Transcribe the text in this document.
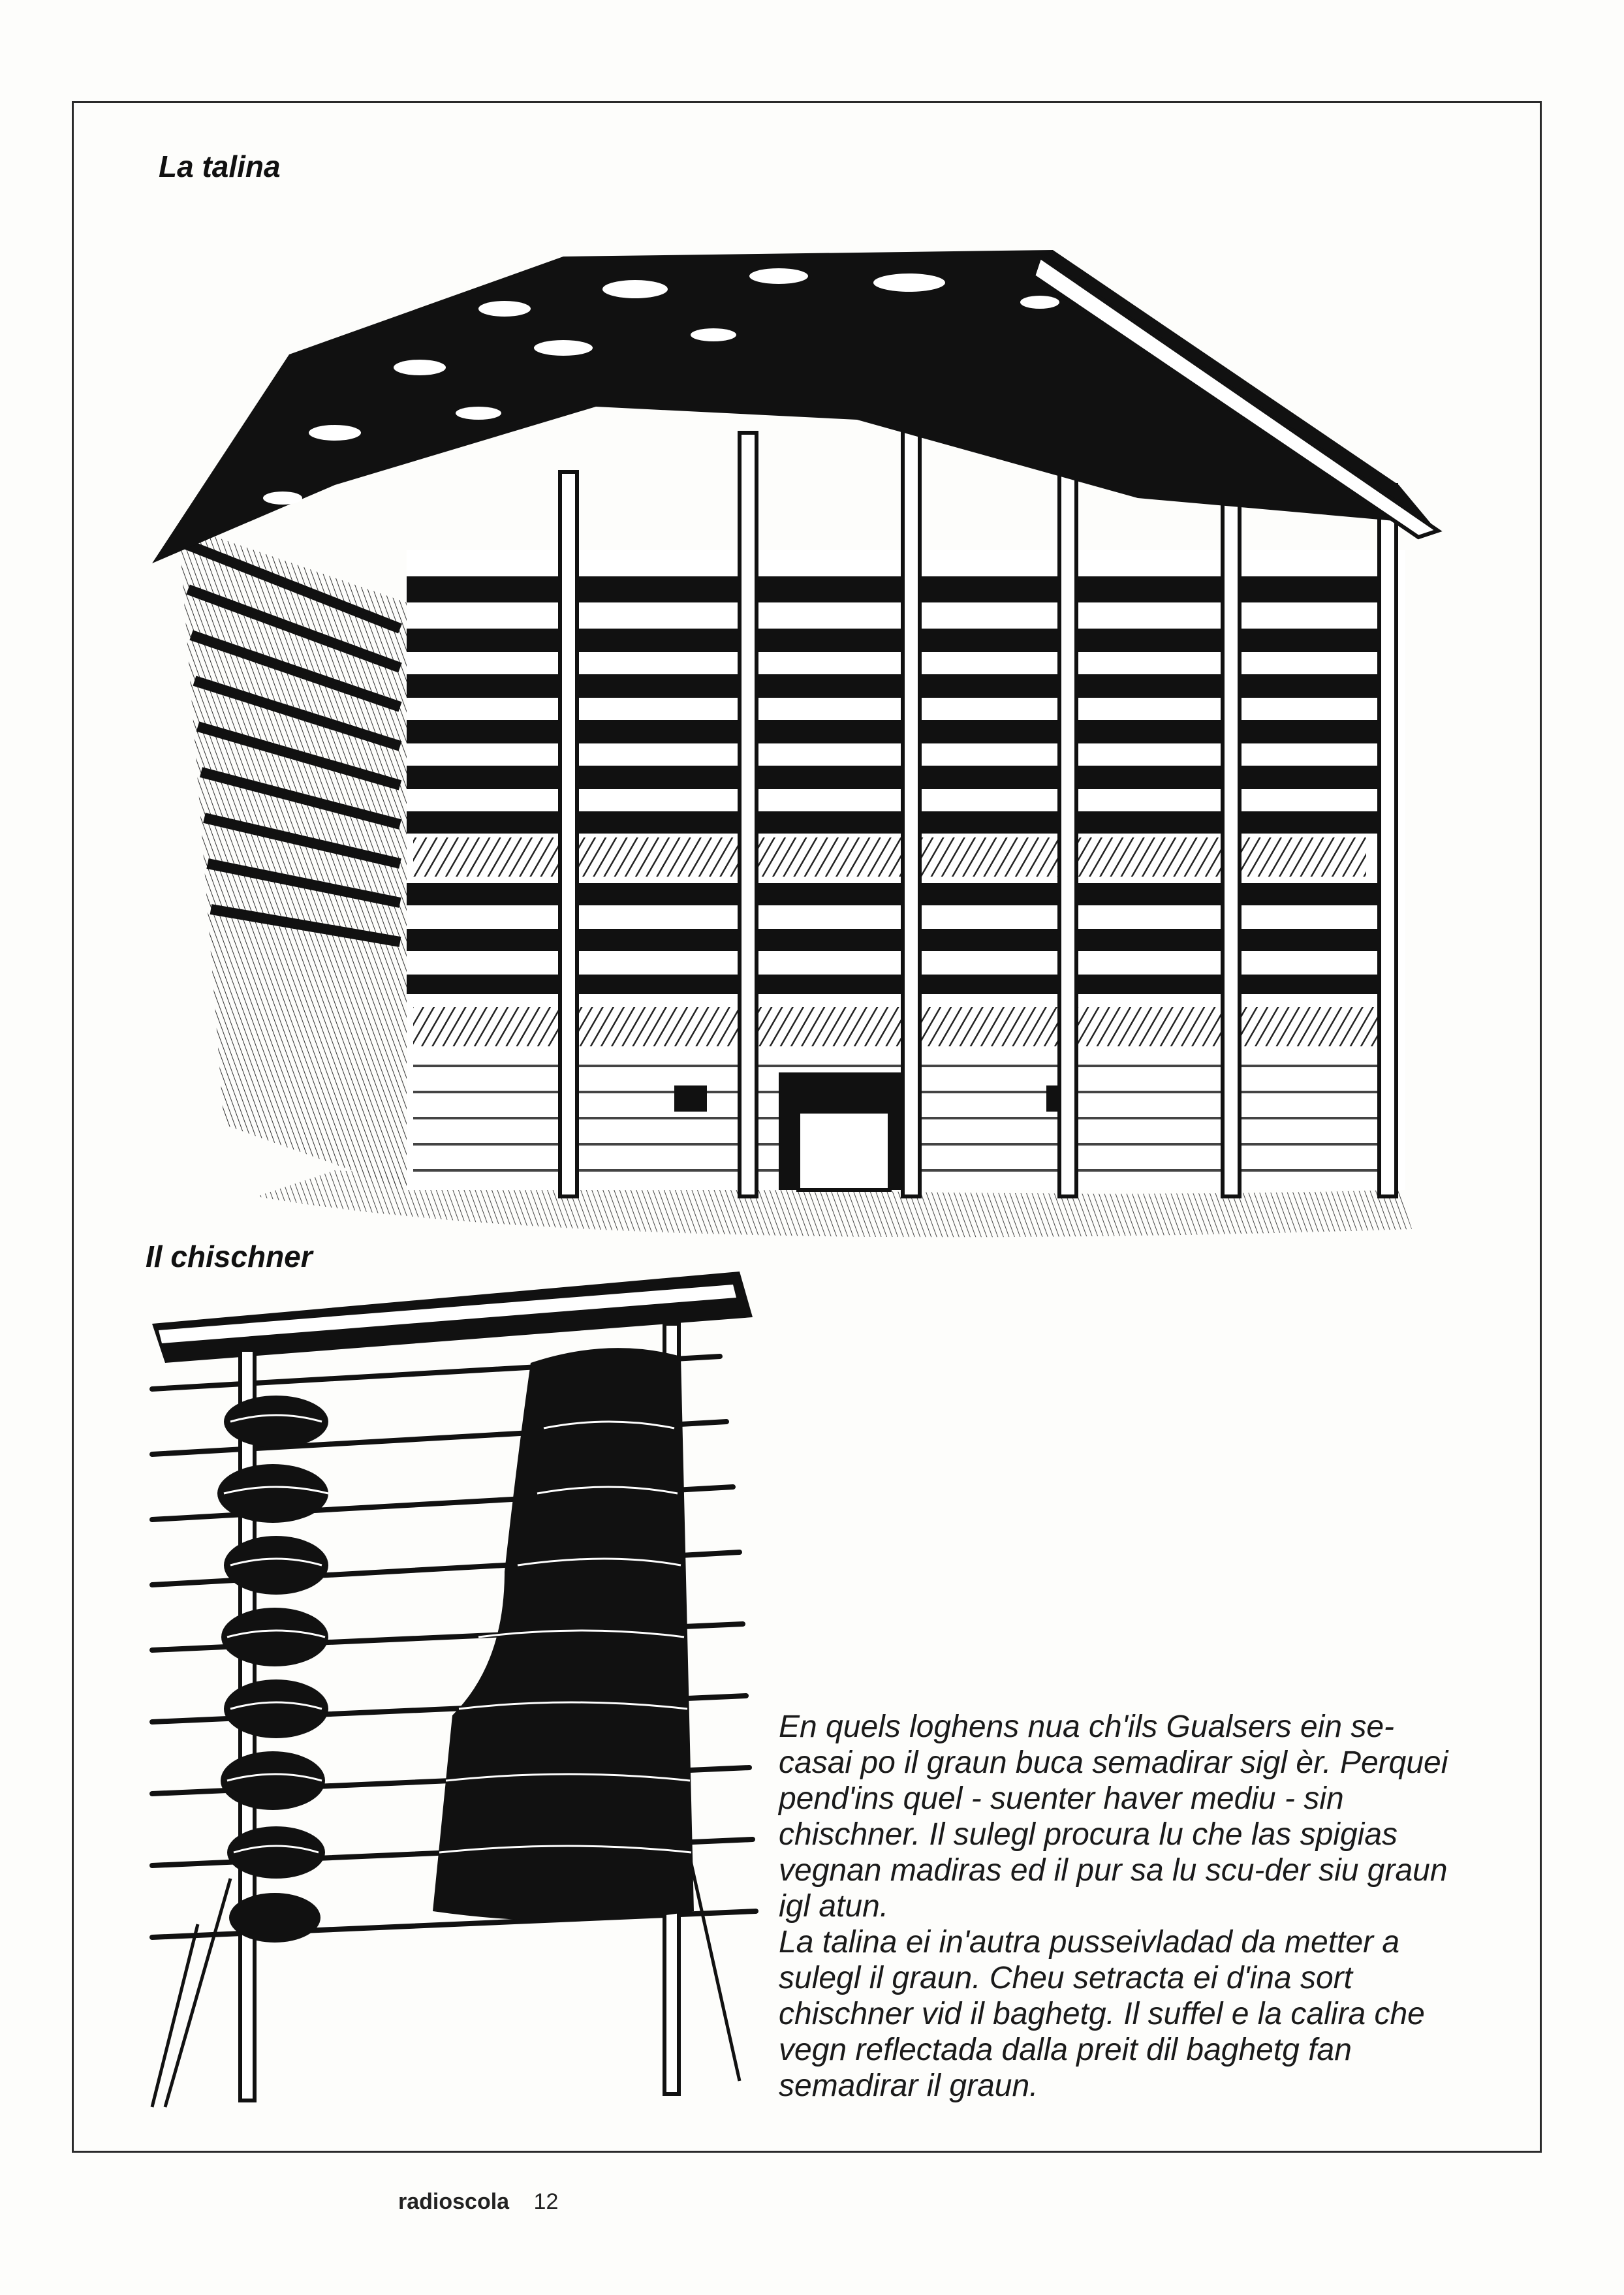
La talina
Il chischner

En quels loghens nua ch'ils Gualsers ein se-casai po il graun buca semadirar sigl èr. Perquei pend'ins quel - suenter haver mediu - sin chischner. Il sulegl procura lu che las spigias vegnan madiras ed il pur sa lu scu-der siu graun igl atun.

La talina ei in'autra pusseivladad da metter a sulegl il graun. Cheu setracta ei d'ina sort chischner vid il baghetg. Il suffel e la calira che vegn reflectada dalla preit dil baghetg fan semadirar il graun.

radioscola 12
